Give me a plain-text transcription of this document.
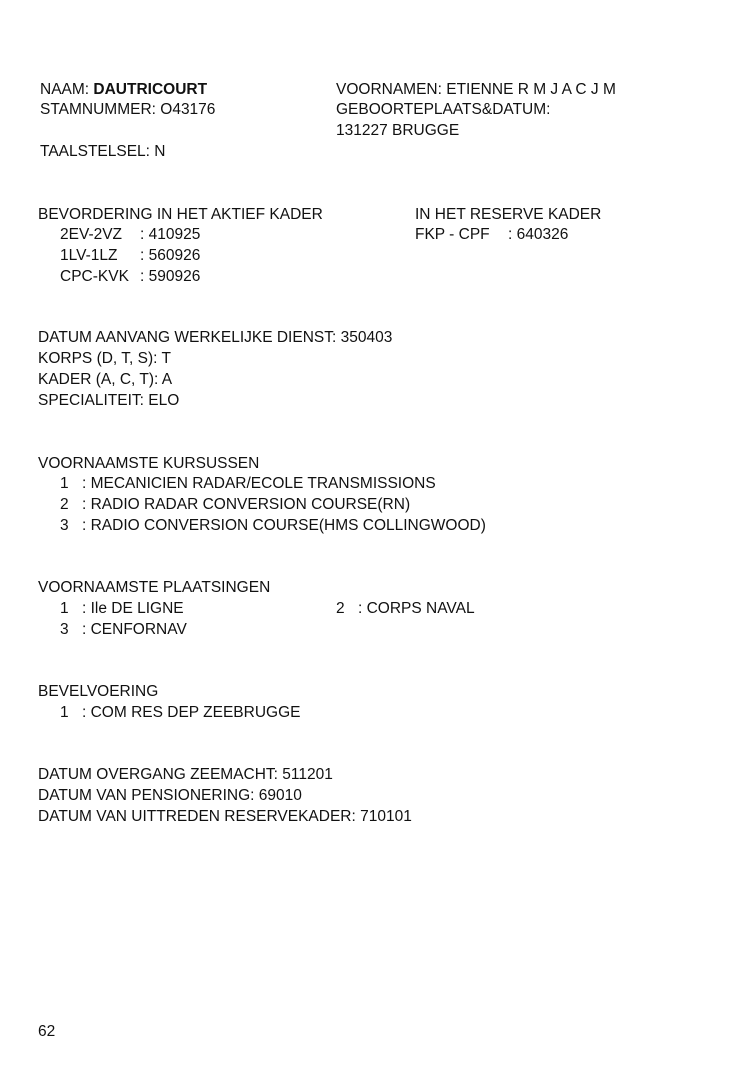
NAAM: DAUTRICOURT
STAMNUMMER: O43176
VOORNAMEN: ETIENNE R M J A C J M
GEBOORTEPLAATS&DATUM:
131227 BRUGGE
TAALSTELSEL: N
BEVORDERING IN HET AKTIEF KADER
2EV-2VZ : 410925
1LV-1LZ : 560926
CPC-KVK : 590926
IN HET RESERVE KADER
FKP - CPF : 640326
DATUM AANVANG WERKELIJKE DIENST: 350403
KORPS (D, T, S): T
KADER (A, C, T): A
SPECIALITEIT: ELO
VOORNAAMSTE KURSUSSEN
1 : MECANICIEN RADAR/ECOLE TRANSMISSIONS
2 : RADIO RADAR CONVERSION COURSE(RN)
3 : RADIO CONVERSION COURSE(HMS COLLINGWOOD)
VOORNAAMSTE PLAATSINGEN
1 : Ile DE LIGNE	2 : CORPS NAVAL
3 : CENFORNAV
BEVELVOERING
1 : COM RES DEP ZEEBRUGGE
DATUM OVERGANG ZEEMACHT: 511201
DATUM VAN PENSIONERING: 69010
DATUM VAN UITTREDEN RESERVEKADER: 710101
62
